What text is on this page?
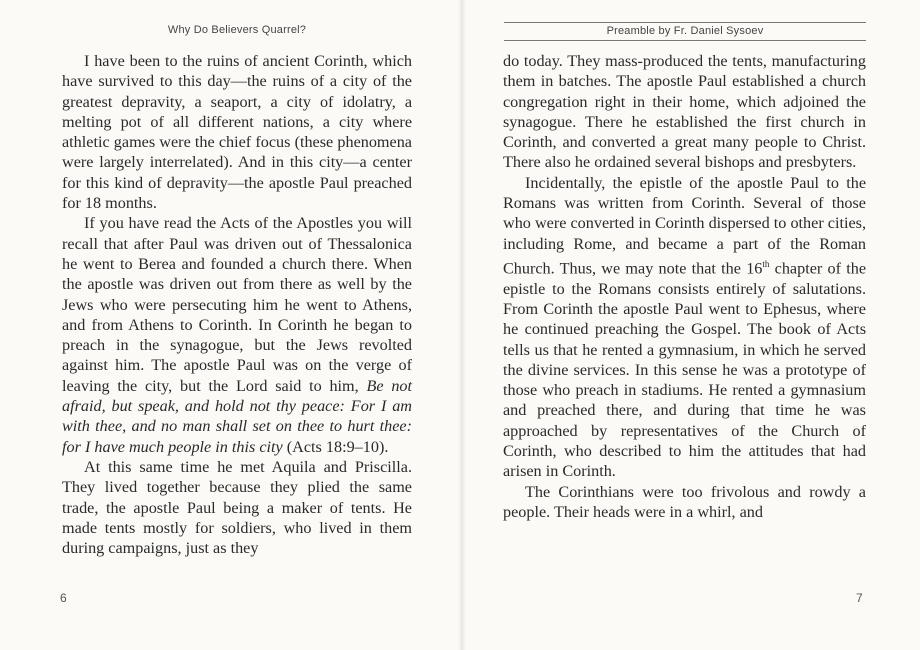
Why Do Believers Quarrel?

I have been to the ruins of ancient Corinth, which have survived to this day—the ruins of a city of the greatest depravity, a seaport, a city of idolatry, a melting pot of all different nations, a city where athletic games were the chief focus (these phenomena were largely interrelated). And in this city—a center for this kind of depravity—the apostle Paul preached for 18 months.

If you have read the Acts of the Apostles you will recall that after Paul was driven out of Thessalonica he went to Berea and founded a church there. When the apostle was driven out from there as well by the Jews who were persecuting him he went to Athens, and from Athens to Corinth. In Corinth he began to preach in the synagogue, but the Jews revolted against him. The apostle Paul was on the verge of leaving the city, but the Lord said to him, Be not afraid, but speak, and hold not thy peace: For I am with thee, and no man shall set on thee to hurt thee: for I have much people in this city (Acts 18:9–10).

At this same time he met Aquila and Priscilla. They lived together because they plied the same trade, the apostle Paul being a maker of tents. He made tents mostly for soldiers, who lived in them during campaigns, just as they

6
Preamble by Fr. Daniel Sysoev

do today. They mass-produced the tents, manufacturing them in batches. The apostle Paul established a church congregation right in their home, which adjoined the synagogue. There he established the first church in Corinth, and converted a great many people to Christ. There also he ordained several bishops and presbyters.

Incidentally, the epistle of the apostle Paul to the Romans was written from Corinth. Several of those who were converted in Corinth dispersed to other cities, including Rome, and became a part of the Roman Church. Thus, we may note that the 16th chapter of the epistle to the Romans consists entirely of salutations. From Corinth the apostle Paul went to Ephesus, where he continued preaching the Gospel. The book of Acts tells us that he rented a gymnasium, in which he served the divine services. In this sense he was a prototype of those who preach in stadiums. He rented a gymnasium and preached there, and during that time he was approached by representatives of the Church of Corinth, who described to him the attitudes that had arisen in Corinth.

The Corinthians were too frivolous and rowdy a people. Their heads were in a whirl, and

7
